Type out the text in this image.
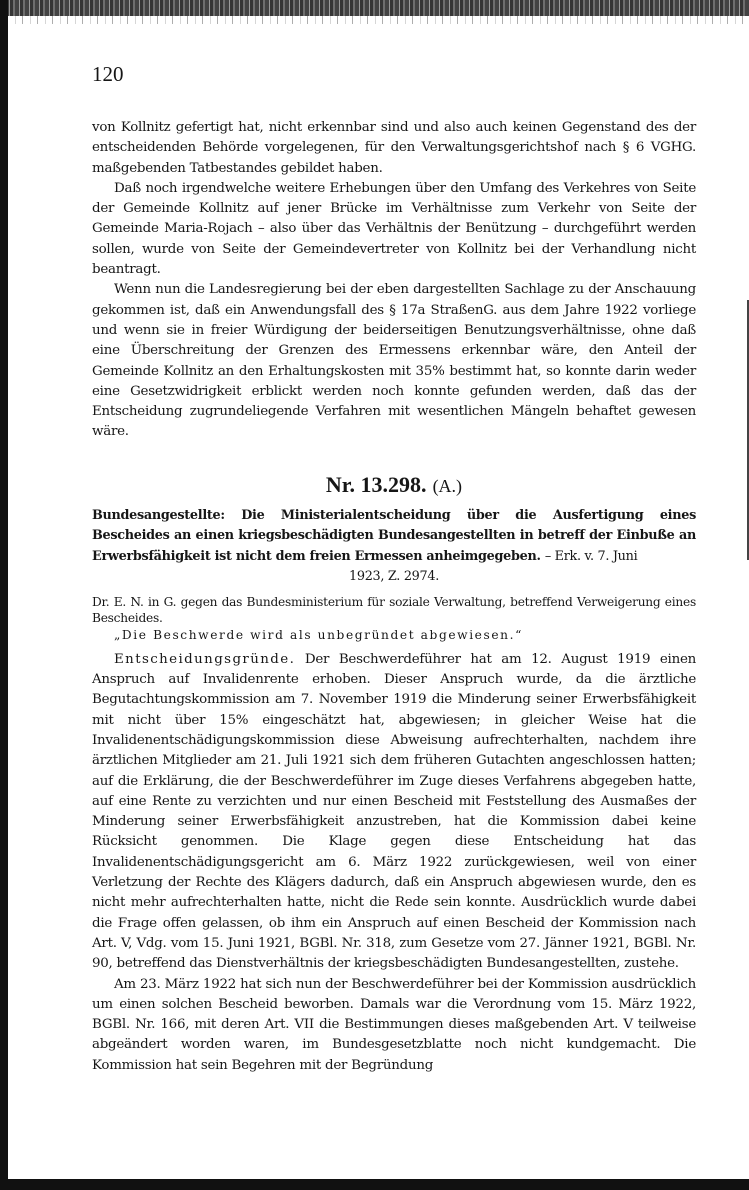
120

von Kollnitz gefertigt hat, nicht erkennbar sind und also auch keinen Gegenstand des der entscheidenden Behörde vorgelegenen, für den Verwaltungsgerichtshof nach § 6 VGHG. maßgebenden Tatbestandes gebildet haben.

Daß noch irgendwelche weitere Erhebungen über den Umfang des Verkehres von Seite der Gemeinde Kollnitz auf jener Brücke im Verhältnisse zum Verkehr von Seite der Gemeinde Maria-Rojach – also über das Verhältnis der Benützung – durchgeführt werden sollen, wurde von Seite der Gemeindevertreter von Kollnitz bei der Verhandlung nicht beantragt.

Wenn nun die Landesregierung bei der eben dargestellten Sachlage zu der Anschauung gekommen ist, daß ein Anwendungsfall des § 17a StraßenG. aus dem Jahre 1922 vorliege und wenn sie in freier Würdigung der beiderseitigen Benutzungsverhältnisse, ohne daß eine Überschreitung der Grenzen des Ermessens erkennbar wäre, den Anteil der Gemeinde Kollnitz an den Erhaltungskosten mit 35% bestimmt hat, so konnte darin weder eine Gesetzwidrigkeit erblickt werden noch konnte gefunden werden, daß das der Entscheidung zugrundeliegende Verfahren mit wesentlichen Mängeln behaftet gewesen wäre.

Nr. 13.298. (A.)

Bundesangestellte: Die Ministerialentscheidung über die Ausfertigung eines Bescheides an einen kriegsbeschädigten Bundesangestellten in betreff der Einbuße an Erwerbsfähigkeit ist nicht dem freien Ermessen anheimgegeben. – Erk. v. 7. Juni
1923, Z. 2974.

Dr. E. N. in G. gegen das Bundesministerium für soziale Verwaltung, betreffend Verweigerung eines Bescheides.

„Die Beschwerde wird als unbegründet abgewiesen.“

Entscheidungsgründe. Der Beschwerdeführer hat am 12. August 1919 einen Anspruch auf Invalidenrente erhoben. Dieser Anspruch wurde, da die ärztliche Begutachtungskommission am 7. November 1919 die Minderung seiner Erwerbsfähigkeit mit nicht über 15% eingeschätzt hat, abgewiesen; in gleicher Weise hat die Invalidenentschädigungskommission diese Abweisung aufrechterhalten, nachdem ihre ärztlichen Mitglieder am 21. Juli 1921 sich dem früheren Gutachten angeschlossen hatten; auf die Erklärung, die der Beschwerdeführer im Zuge dieses Verfahrens abgegeben hatte, auf eine Rente zu verzichten und nur einen Bescheid mit Feststellung des Ausmaßes der Minderung seiner Erwerbsfähigkeit anzustreben, hat die Kommission dabei keine Rücksicht genommen. Die Klage gegen diese Entscheidung hat das Invalidenentschädigungsgericht am 6. März 1922 zurückgewiesen, weil von einer Verletzung der Rechte des Klägers dadurch, daß ein Anspruch abgewiesen wurde, den es nicht mehr aufrechterhalten hatte, nicht die Rede sein konnte. Ausdrücklich wurde dabei die Frage offen gelassen, ob ihm ein Anspruch auf einen Bescheid der Kommission nach Art. V, Vdg. vom 15. Juni 1921, BGBl. Nr. 318, zum Gesetze vom 27. Jänner 1921, BGBl. Nr. 90, betreffend das Dienstverhältnis der kriegsbeschädigten Bundesangestellten, zustehe.

Am 23. März 1922 hat sich nun der Beschwerdeführer bei der Kommission ausdrücklich um einen solchen Bescheid beworben. Damals war die Verordnung vom 15. März 1922, BGBl. Nr. 166, mit deren Art. VII die Bestimmungen dieses maßgebenden Art. V teilweise abgeändert worden waren, im Bundesgesetzblatte noch nicht kundgemacht. Die Kommission hat sein Begehren mit der Begründung
